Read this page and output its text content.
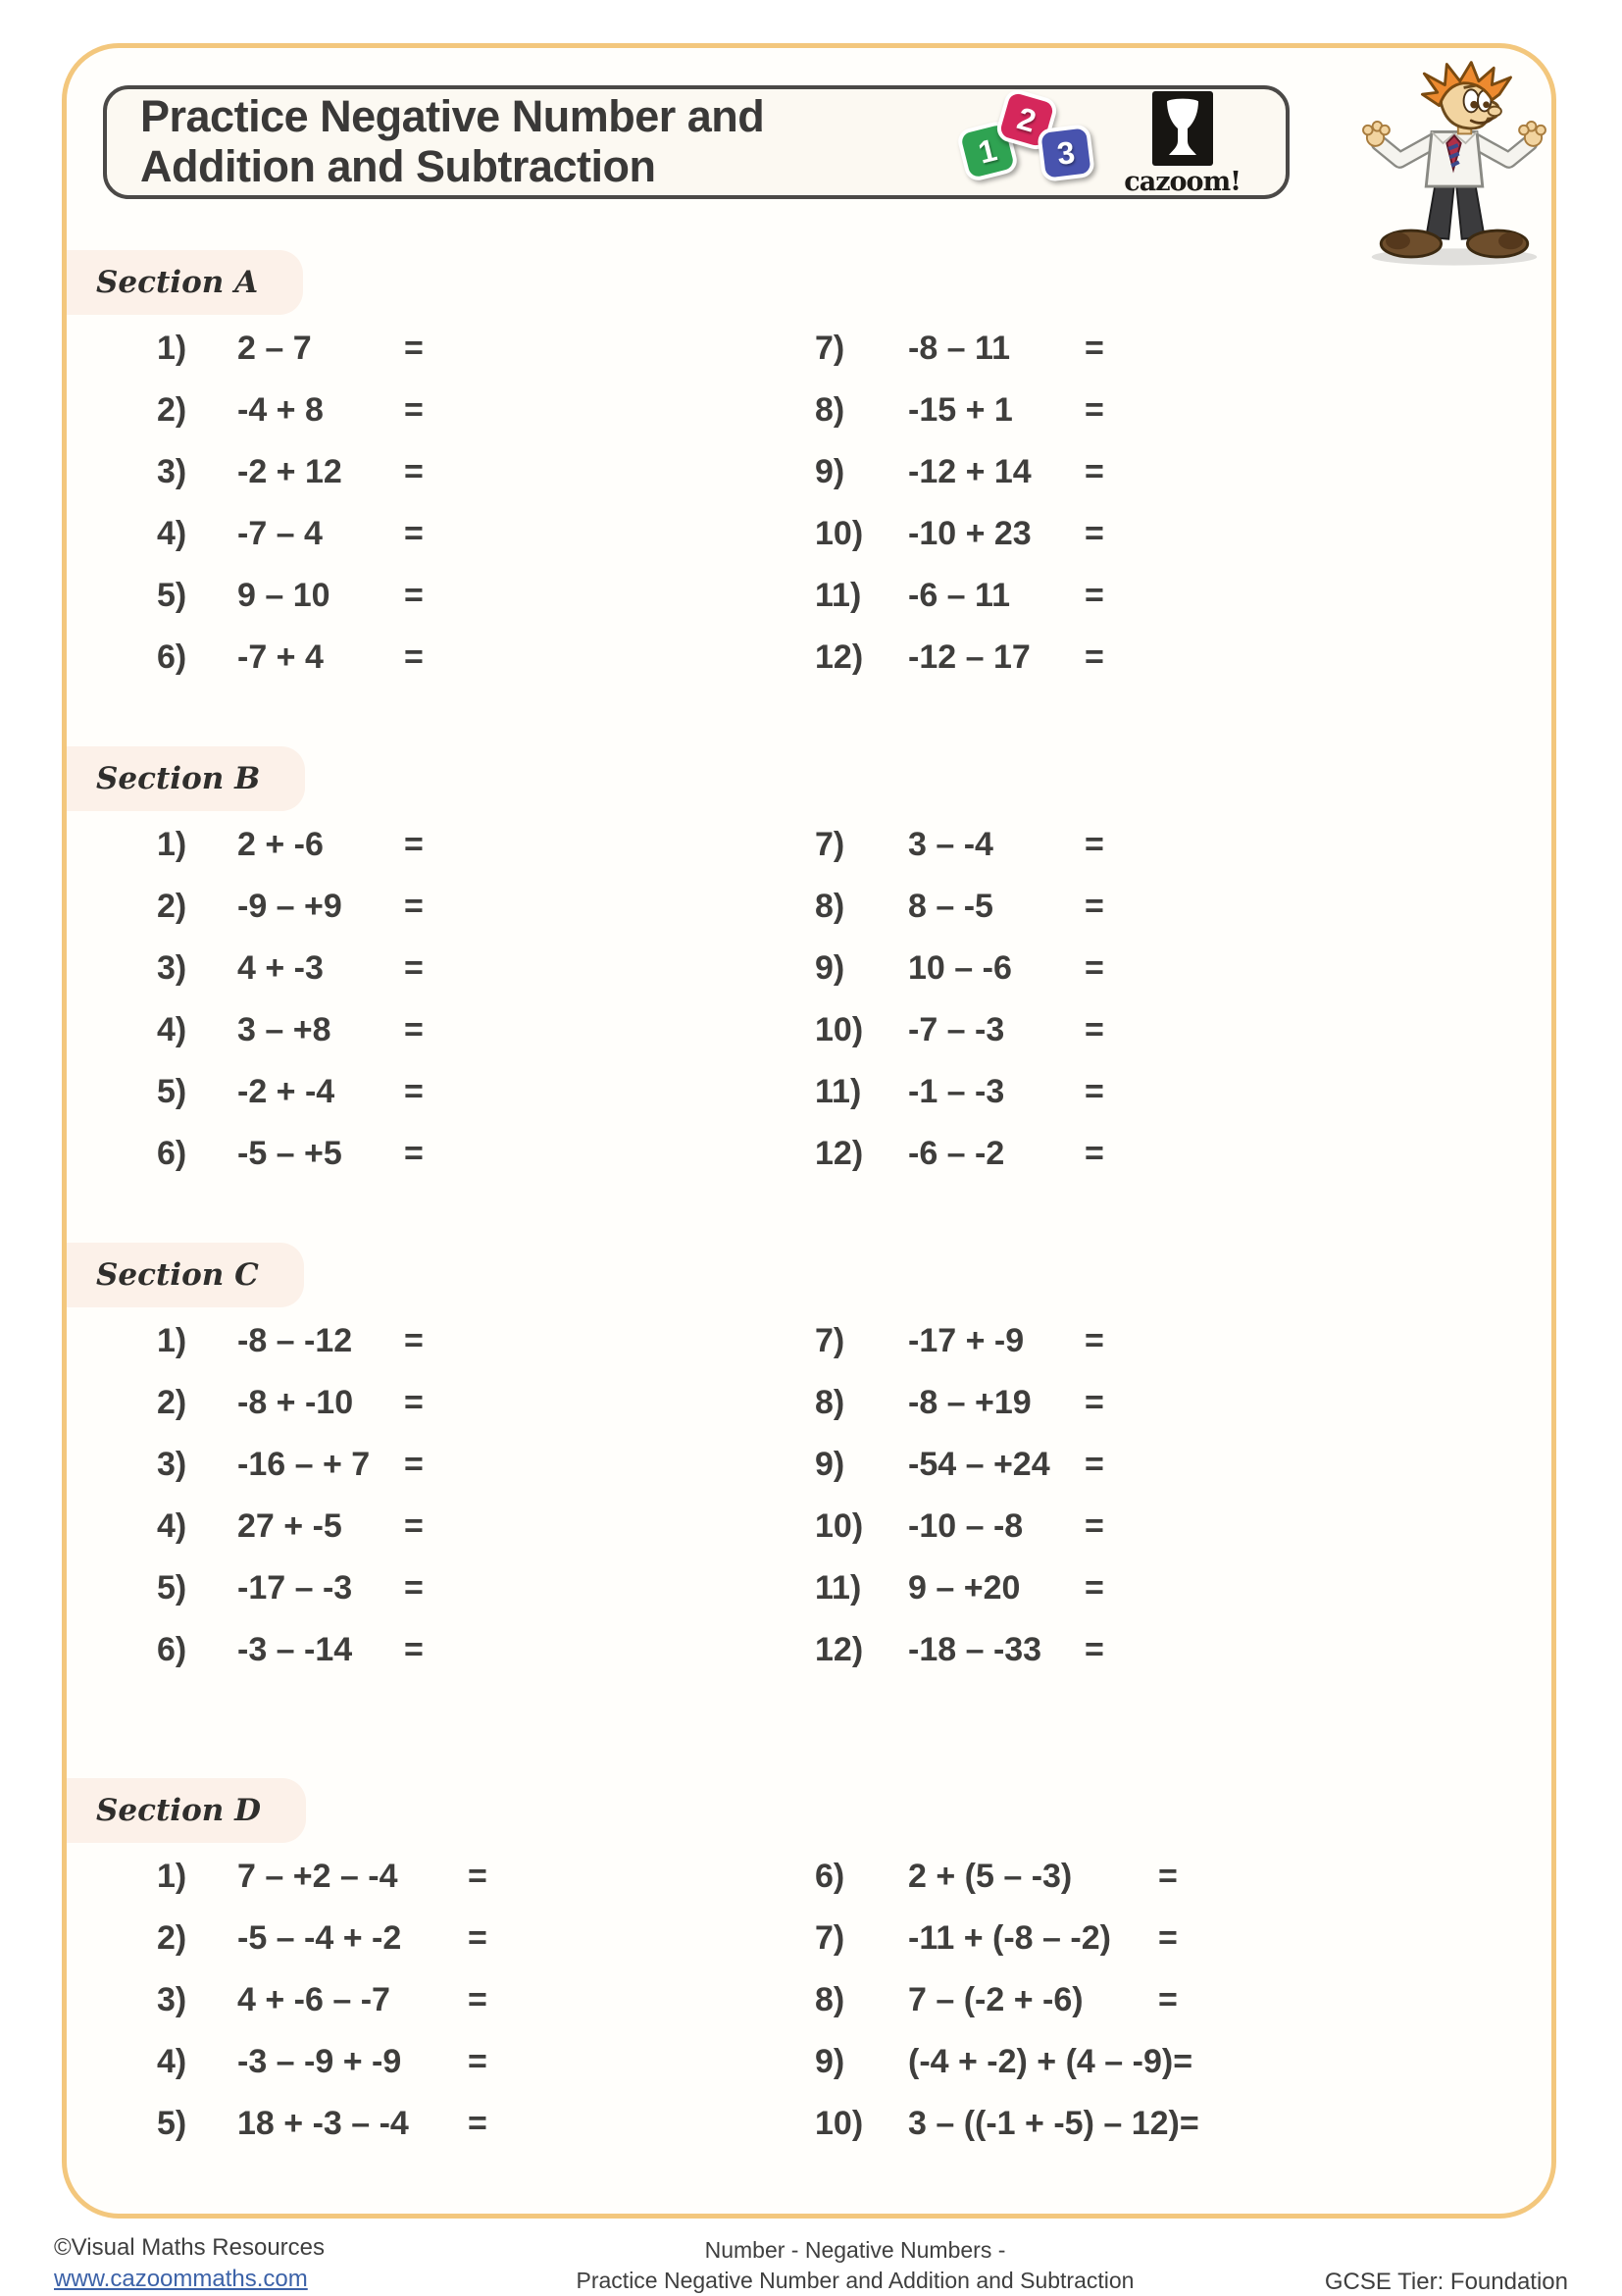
Practice Negative Number and
Addition and Subtraction	1
2
3
cazoom!
Section A
1) 2 – 7	=
2) -4 + 8 =
3) -2 + 12 =
4) -7 – 4 =
5) 9 – 10 =
6) -7 + 4 =
7) -8 – 11 =
8) -15 + 1 =
9) -12 + 14 =
10) -10 + 23 =
11) -6 – 11 =
12) -12 – 17 =
Section B
1) 2 + -6 =
2) -9 – +9 =
3) 4 + -3 =
4) 3 – +8 =
5) -2 + -4 =
6) -5 – +5 =
7) 3 – -4	=
8) 8 – -5	=
9) 10 – -6 =
10) -7 – -3 =
11) -1 – -3 =
12) -6 – -2 =
Section C
1) -8 – -12 =
2) -8 + -10 =
3) -16 – + 7 =
4) 27 + -5 =
5) -17 – -3 =
6) -3 – -14 =
7) -17 + -9 =
8) -8 – +19 =
9) -54 – +24 =
10) -10 – -8 =
11) 9 – +20 =
12) -18 – -33 =
Section D
1) 7 – +2 – -4 =
2) -5 – -4 + -2 =
3) 4 + -6 – -7 =
4) -3 – -9 + -9 =
5) 18 + -3 – -4 =
6) 2 + (5 – -3)	=
7) -11 + (-8 – -2) =
8) 7 – (-2 + -6) =
9) (-4 + -2) + (4 – -9)=
10) 3 – ((-1 + -5) – 12)=
©Visual Maths Resources
www.cazoommaths.com
Number - Negative Numbers -
Practice Negative Number and Addition and Subtraction	GCSE Tier: Foundation
